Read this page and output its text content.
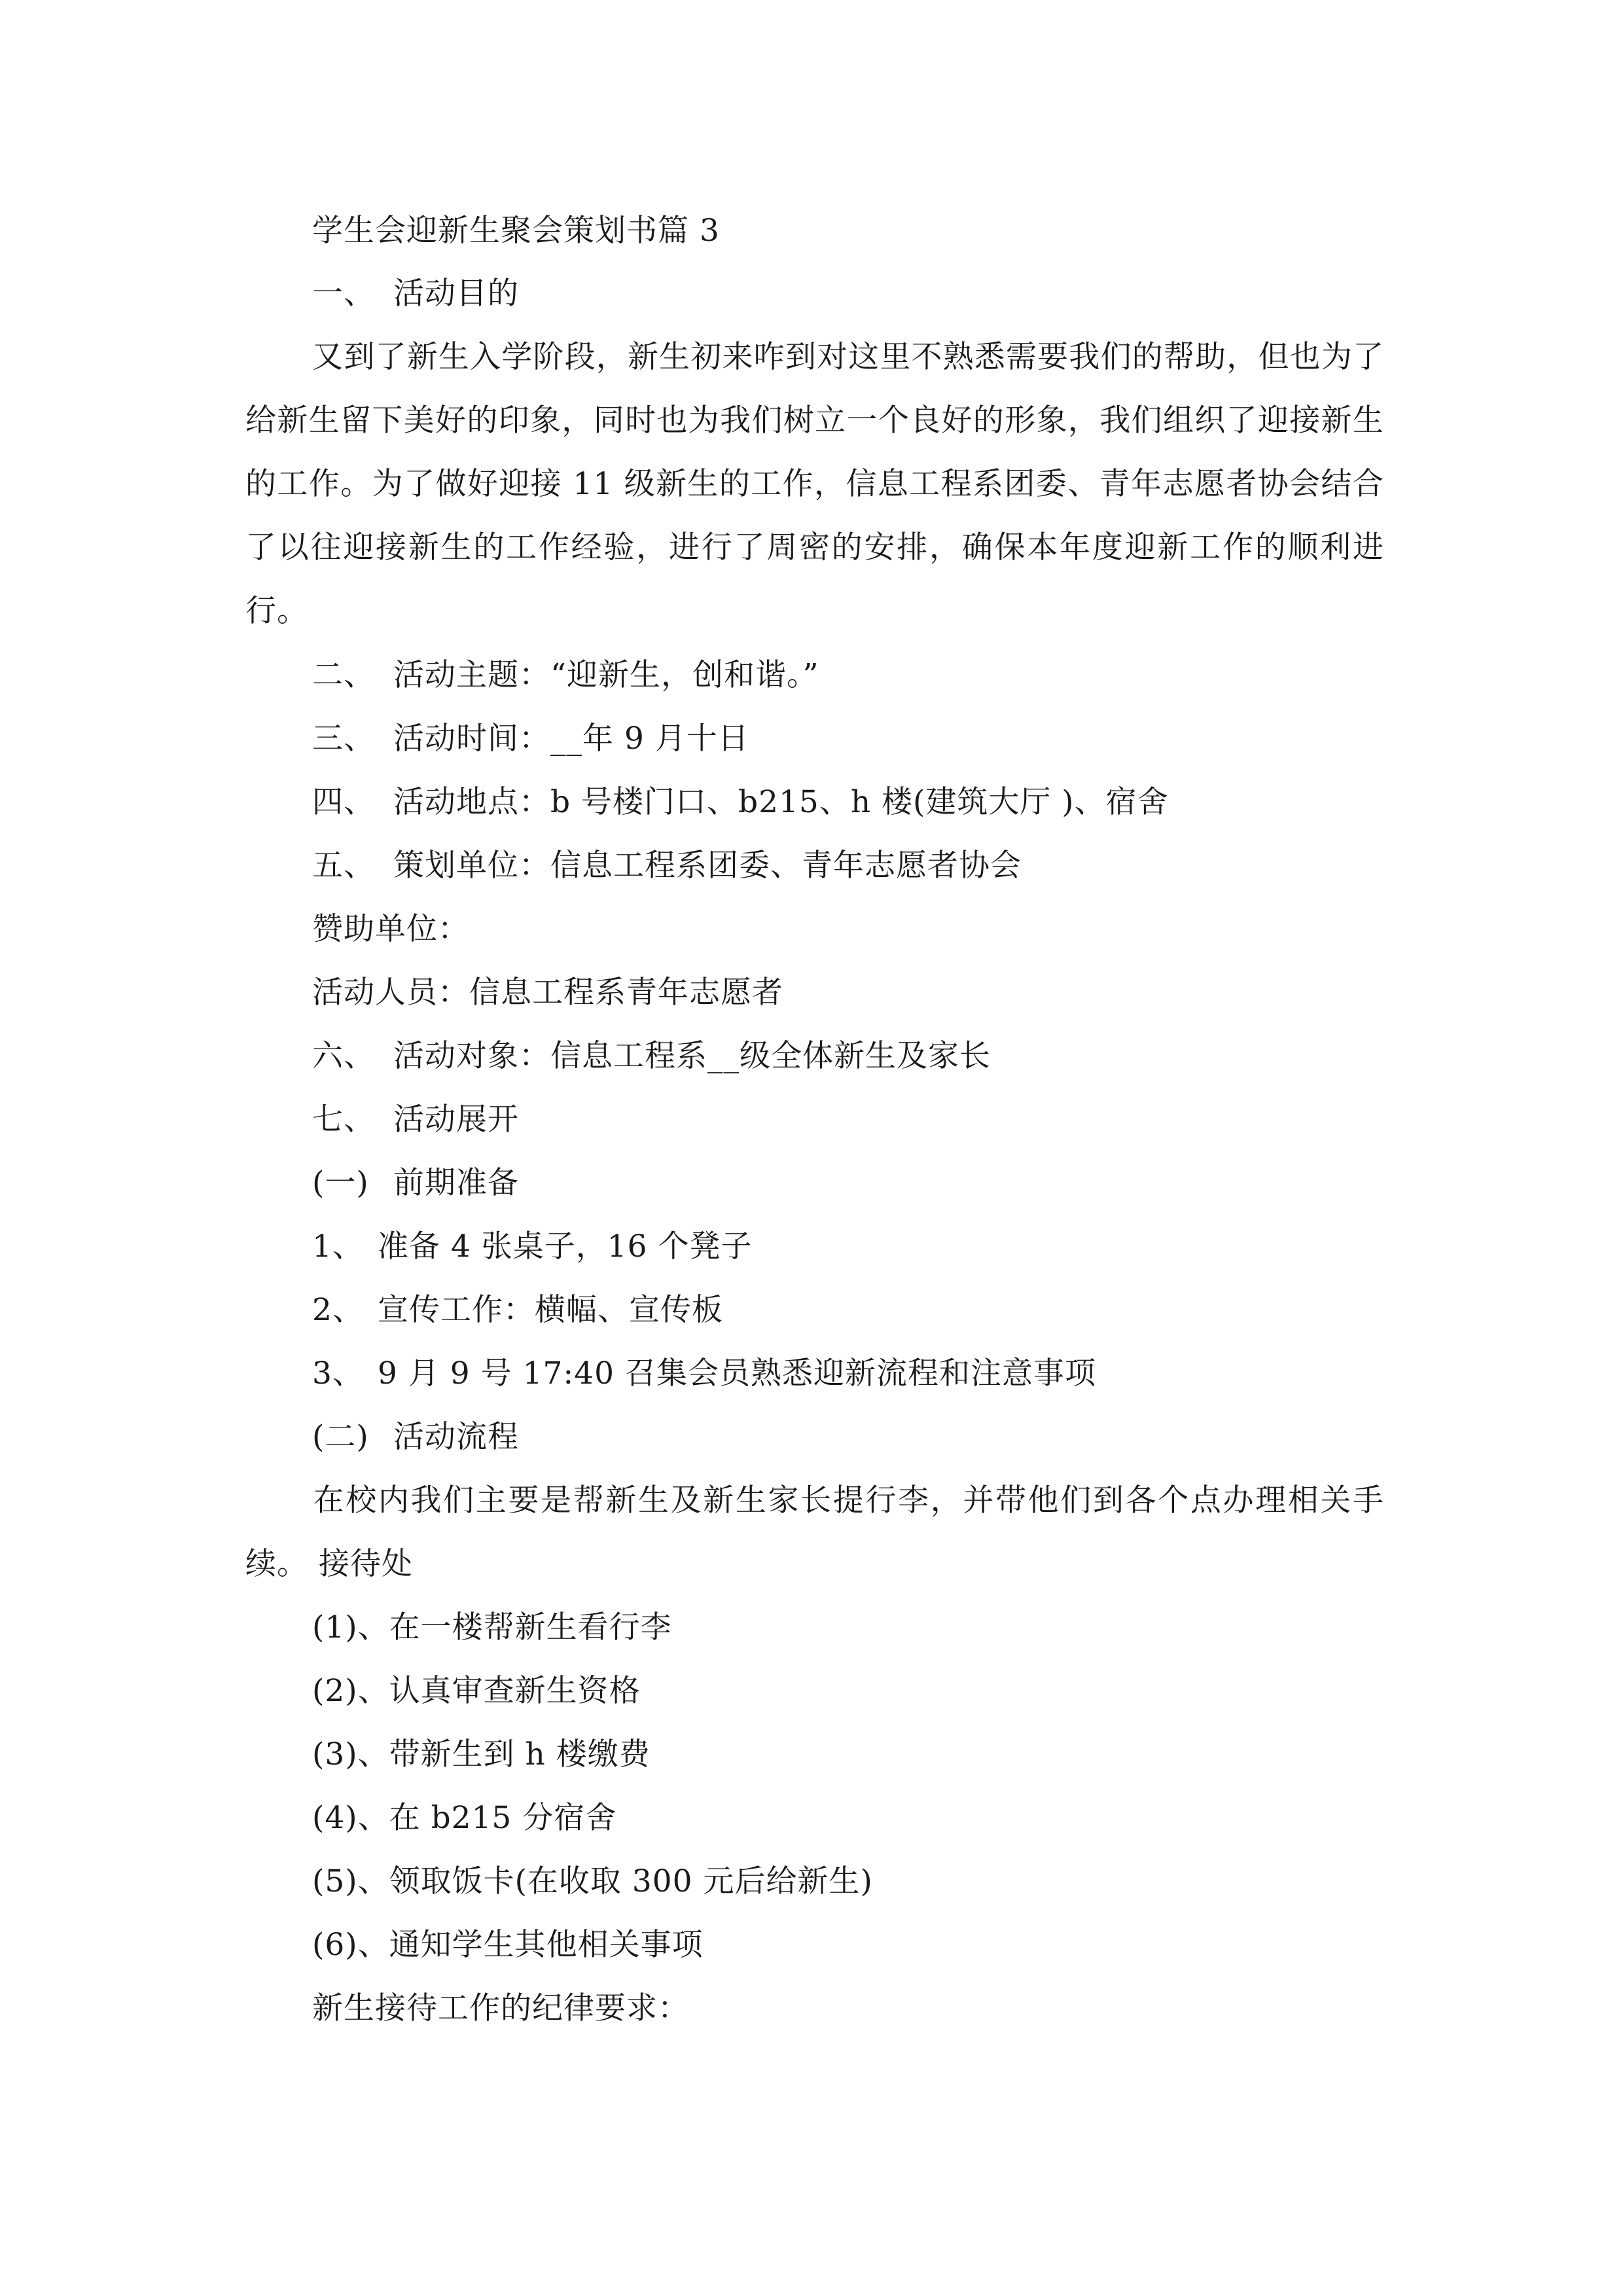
学生会迎新生聚会策划书篇 3
一、 活动目的
又到了新生入学阶段，新生初来咋到对这里不熟悉需要我们的帮助，但也为了给新生留下美好的印象，同时也为我们树立一个良好的形象，我们组织了迎接新生的工作。为了做好迎接 11 级新生的工作，信息工程系团委、青年志愿者协会结合了以往迎接新生的工作经验，进行了周密的安排，确保本年度迎新工作的顺利进行。
二、 活动主题：“迎新生，创和谐。”
三、 活动时间：__年 9 月十日
四、 活动地点：b 号楼门口、b215、h 楼(建筑大厅 )、宿舍
五、 策划单位：信息工程系团委、青年志愿者协会
赞助单位：
活动人员：信息工程系青年志愿者
六、 活动对象：信息工程系__级全体新生及家长
七、 活动展开
(一) 前期准备
1、 准备 4 张桌子，16 个凳子
2、 宣传工作：横幅、宣传板
3、 9 月 9 号 17:40 召集会员熟悉迎新流程和注意事项
(二) 活动流程
在校内我们主要是帮新生及新生家长提行李，并带他们到各个点办理相关手续。 接待处
(1)、在一楼帮新生看行李
(2)、认真审查新生资格
(3)、带新生到 h 楼缴费
(4)、在 b215 分宿舍
(5)、领取饭卡(在收取 300 元后给新生)
(6)、通知学生其他相关事项
新生接待工作的纪律要求：
